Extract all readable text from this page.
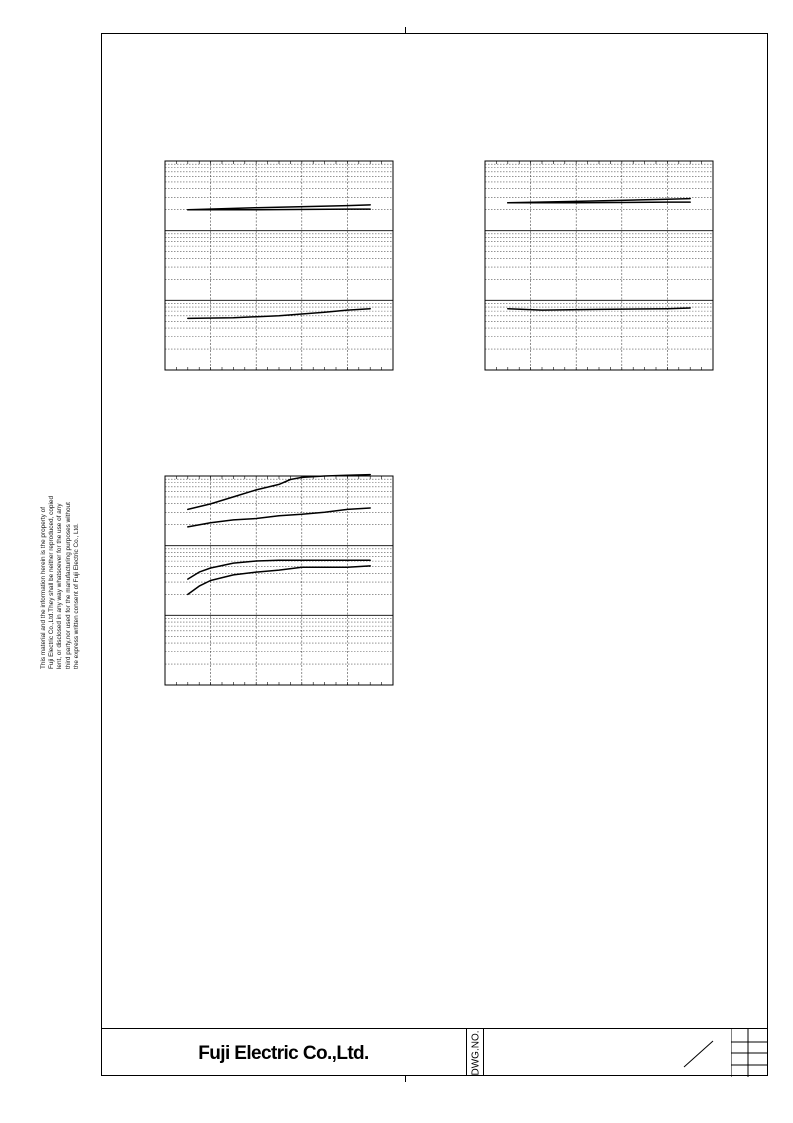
This material and the information herein is the property of Fuji Electric Co.,Ltd.They shall be neither reproduced, copied lent, or disclosed in any way whatsoever for the use of any third party,nor used for the manufacturing purposes without the express written consent of Fuji Electric Co., Ltd.
Fuji Electric Co.,Ltd.	DWG.NO.
